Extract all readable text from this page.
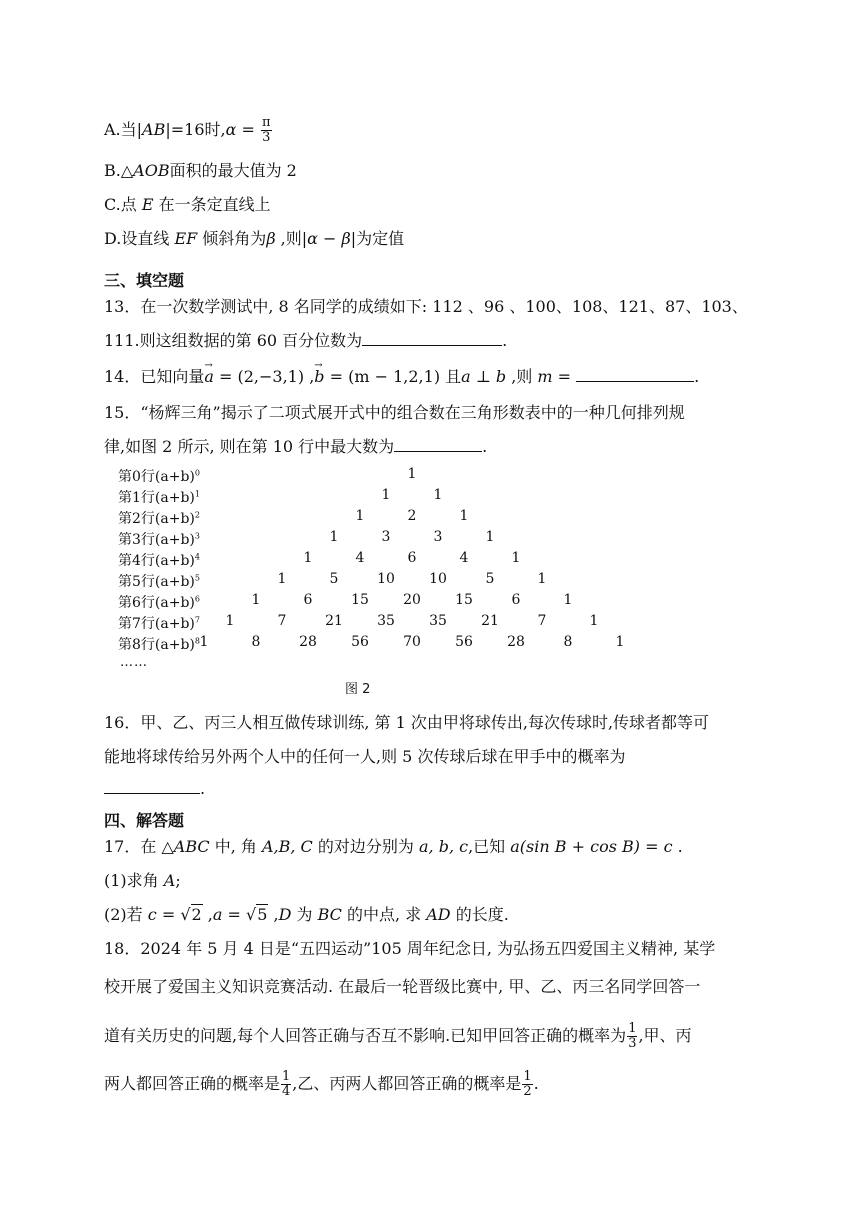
A.当|AB|=16时$,\alpha = \frac{\pi}{3}$
B.△AOB面积的最大值为 2
C.点 E 在一条定直线上
D.设直线 EF 倾斜角为β ,则|α − β|为定值
三、填空题
13．在一次数学测试中, 8 名同学的成绩如下: 112 、96 、100、108、121、87、103、
111.则这组数据的第 60 百分位数为	.
14．已知向量→ a = (2,−3,1) ,→ b = (m − 1,2,1) 且a ⊥ b ,则 m =	.
15．“杨辉三角”揭示了二项式展开式中的组合数在三角形数表中的一种几何排列规
律,如图 2 所示, 则在第 10 行中最大数为	.
第0行$(a+b)^0$	1
第1行$(a+b)^1$	1	1
第2行$(a+b)^2$	1	2	1
第3行$(a+b)^3$	1	3	3	1
第4行$(a+b)^4$	1	4	6	4	1
第5行$(a+b)^5$	1	5	10 10	5	1
第6行$(a+b)^6$	1	6	15 20 15	6	1
第7行$(a+b)^7$ 1	7	21 35 35 21	7	1
第8行$(a+b)^8$ 1	8	28 56 70 56 28	8	1
……
图 2
16．甲、乙、丙三人相互做传球训练, 第 1 次由甲将球传出,每次传球时,传球者都等可
能地将球传给另外两个人中的任何一人,则 5 次传球后球在甲手中的概率为
.
四、解答题
17．在 △ABC 中, 角 A,B, C 的对边分别为 a, b, c,已知 a(sin B + cos B) = c .
(1)求角 A;
(2)若 c = √2 ,a = √5 ,D 为 BC 的中点, 求 AD 的长度.
18．2024 年 5 月 4 日是“五四运动”105 周年纪念日, 为弘扬五四爱国主义精神, 某学
校开展了爱国主义知识竞赛活动. 在最后一轮晋级比赛中, 甲、乙、丙三名同学回答一
道有关历史的问题,每个人回答正确与否互不影响.已知甲回答正确的概率为 $\frac{1}{3}$ ,甲、丙
两人都回答正确的概率是 $\frac{1}{4}$ ,乙、丙两人都回答正确的概率是 $\frac{1}{2}$ .
